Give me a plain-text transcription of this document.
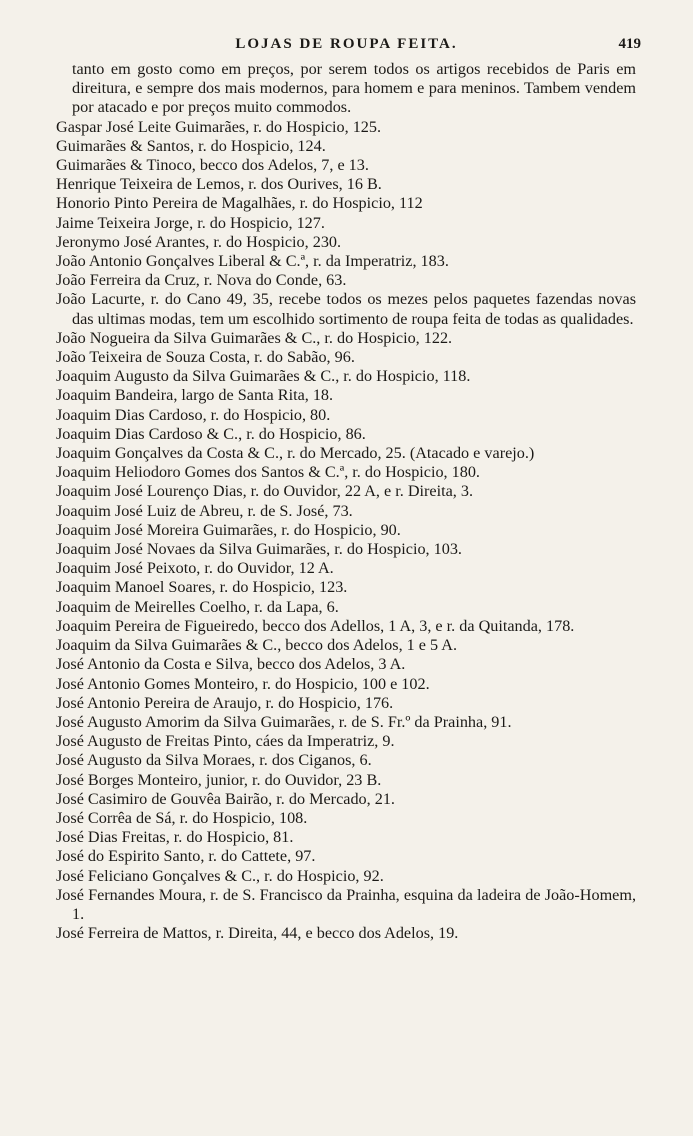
LOJAS DE ROUPA FEITA.	419

tanto em gosto como em preços, por serem todos os artigos recebidos de Paris em direitura, e sempre dos mais modernos, para homem e para meninos. Tambem vendem por atacado e por preços muito commodos.

Gaspar José Leite Guimarães, r. do Hospicio, 125.

Guimarães & Santos, r. do Hospicio, 124.

Guimarães & Tinoco, becco dos Adelos, 7, e 13.

Henrique Teixeira de Lemos, r. dos Ourives, 16 B.

Honorio Pinto Pereira de Magalhães, r. do Hospicio, 112

Jaime Teixeira Jorge, r. do Hospicio, 127.

Jeronymo José Arantes, r. do Hospicio, 230.

João Antonio Gonçalves Liberal & C.ª, r. da Imperatriz, 183.

João Ferreira da Cruz, r. Nova do Conde, 63.

João Lacurte, r. do Cano 49, 35, recebe todos os mezes pelos paquetes fazendas novas das ultimas modas, tem um escolhido sortimento de roupa feita de todas as qualidades.

João Nogueira da Silva Guimarães & C., r. do Hospicio, 122.

João Teixeira de Souza Costa, r. do Sabão, 96.

Joaquim Augusto da Silva Guimarães & C., r. do Hospicio, 118.

Joaquim Bandeira, largo de Santa Rita, 18.

Joaquim Dias Cardoso, r. do Hospicio, 80.

Joaquim Dias Cardoso & C., r. do Hospicio, 86.

Joaquim Gonçalves da Costa & C., r. do Mercado, 25. (Atacado e varejo.)

Joaquim Heliodoro Gomes dos Santos & C.ª, r. do Hospicio, 180.

Joaquim José Lourenço Dias, r. do Ouvidor, 22 A, e r. Direita, 3.

Joaquim José Luiz de Abreu, r. de S. José, 73.

Joaquim José Moreira Guimarães, r. do Hospicio, 90.

Joaquim José Novaes da Silva Guimarães, r. do Hospicio, 103.

Joaquim José Peixoto, r. do Ouvidor, 12 A.

Joaquim Manoel Soares, r. do Hospicio, 123.

Joaquim de Meirelles Coelho, r. da Lapa, 6.

Joaquim Pereira de Figueiredo, becco dos Adellos, 1 A, 3, e r. da Quitanda, 178.

Joaquim da Silva Guimarães & C., becco dos Adelos, 1 e 5 A.

José Antonio da Costa e Silva, becco dos Adelos, 3 A.

José Antonio Gomes Monteiro, r. do Hospicio, 100 e 102.

José Antonio Pereira de Araujo, r. do Hospicio, 176.

José Augusto Amorim da Silva Guimarães, r. de S. Fr.º da Prainha, 91.

José Augusto de Freitas Pinto, cáes da Imperatriz, 9.

José Augusto da Silva Moraes, r. dos Ciganos, 6.

José Borges Monteiro, junior, r. do Ouvidor, 23 B.

José Casimiro de Gouvêa Bairão, r. do Mercado, 21.

José Corrêa de Sá, r. do Hospicio, 108.

José Dias Freitas, r. do Hospicio, 81.

José do Espirito Santo, r. do Cattete, 97.

José Feliciano Gonçalves & C., r. do Hospicio, 92.

José Fernandes Moura, r. de S. Francisco da Prainha, esquina da ladeira de João-Homem, 1.

José Ferreira de Mattos, r. Direita, 44, e becco dos Adelos, 19.
